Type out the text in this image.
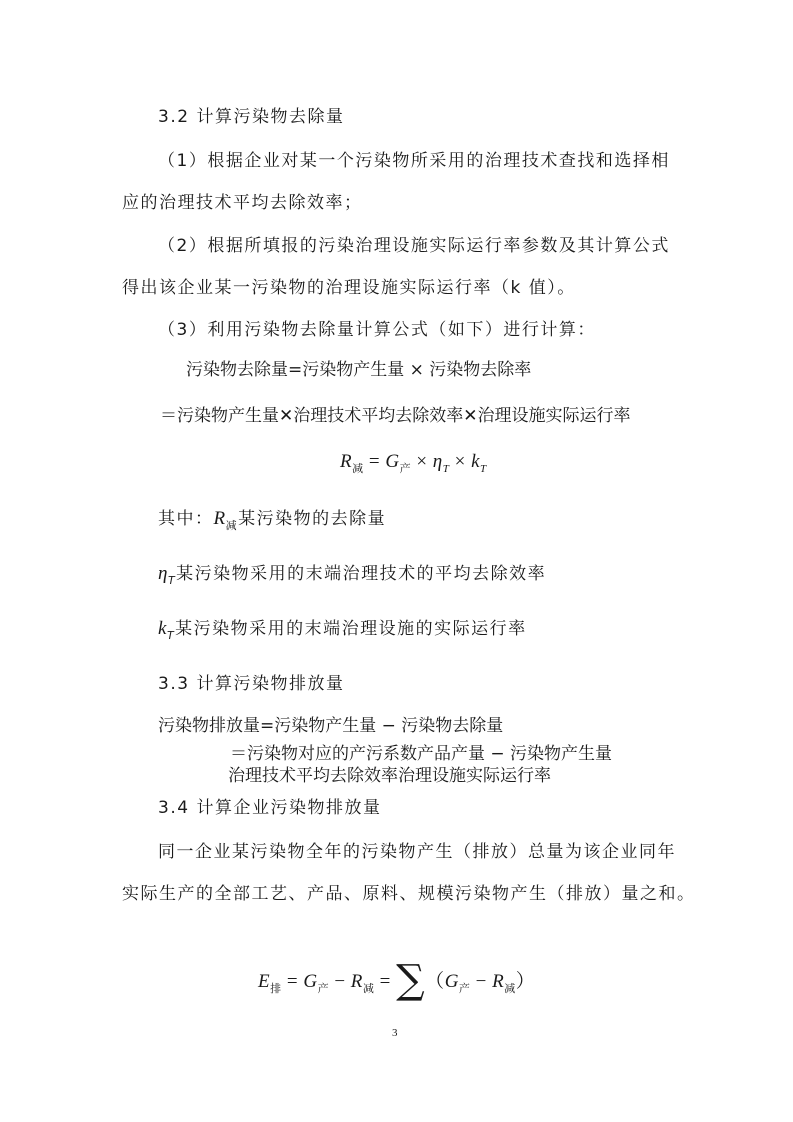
3.2 计算污染物去除量
（1）根据企业对某一个污染物所采用的治理技术查找和选择相
应的治理技术平均去除效率；
（2）根据所填报的污染治理设施实际运行率参数及其计算公式
得出该企业某一污染物的治理设施实际运行率（k 值）。
（3）利用污染物去除量计算公式（如下）进行计算：
污染物去除量=污染物产生量 × 污染物去除率
＝污染物产生量✕治理技术平均去除效率✕治理设施实际运行率
$R_减 = G_产 \times \eta_T \times k_T$
其中：$R_减$某污染物的去除量
$\eta_T$某污染物采用的末端治理技术的平均去除效率
$k_T$某污染物采用的末端治理设施的实际运行率
3.3 计算污染物排放量
污染物排放量=污染物产生量 − 污染物去除量
＝污染物对应的产污系数产品产量 − 污染物产生量
治理技术平均去除效率治理设施实际运行率
3.4 计算企业污染物排放量
同一企业某污染物全年的污染物产生（排放）总量为该企业同年
实际生产的全部工艺、产品、原料、规模污染物产生（排放）量之和。
$E_排 = G_产 - R_减 = \sum(G_产 - R_减)$
3
